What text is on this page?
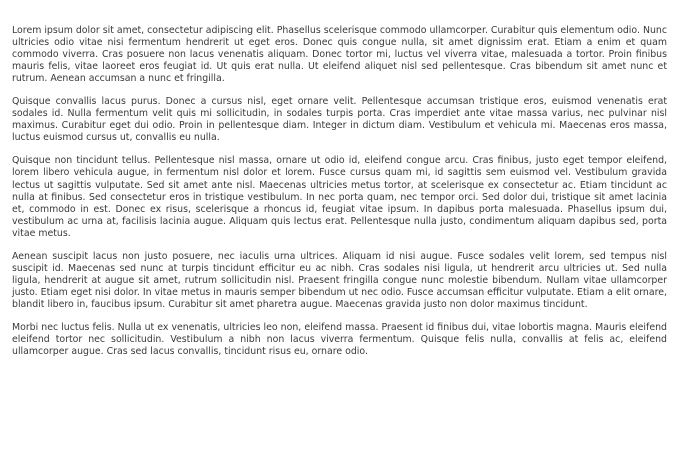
Lorem ipsum dolor sit amet, consectetur adipiscing elit. Phasellus scelerisque commodo ullamcorper. Curabitur quis elementum odio. Nunc ultricies odio vitae nisi fermentum hendrerit ut eget eros. Donec quis congue nulla, sit amet dignissim erat. Etiam a enim et quam commodo viverra. Cras posuere non lacus venenatis aliquam. Donec tortor mi, luctus vel viverra vitae, malesuada a tortor. Proin finibus mauris felis, vitae laoreet eros feugiat id. Ut quis erat nulla. Ut eleifend aliquet nisl sed pellentesque. Cras bibendum sit amet nunc et rutrum. Aenean accumsan a nunc et fringilla.

Quisque convallis lacus purus. Donec a cursus nisl, eget ornare velit. Pellentesque accumsan tristique eros, euismod venenatis erat sodales id. Nulla fermentum velit quis mi sollicitudin, in sodales turpis porta. Cras imperdiet ante vitae massa varius, nec pulvinar nisl maximus. Curabitur eget dui odio. Proin in pellentesque diam. Integer in dictum diam. Vestibulum et vehicula mi. Maecenas eros massa, luctus euismod cursus ut, convallis eu nulla.

Quisque non tincidunt tellus. Pellentesque nisl massa, ornare ut odio id, eleifend congue arcu. Cras finibus, justo eget tempor eleifend, lorem libero vehicula augue, in fermentum nisl dolor et lorem. Fusce cursus quam mi, id sagittis sem euismod vel. Vestibulum gravida lectus ut sagittis vulputate. Sed sit amet ante nisl. Maecenas ultricies metus tortor, at scelerisque ex consectetur ac. Etiam tincidunt ac nulla at finibus. Sed consectetur eros in tristique vestibulum. In nec porta quam, nec tempor orci. Sed dolor dui, tristique sit amet lacinia et, commodo in est. Donec ex risus, scelerisque a rhoncus id, feugiat vitae ipsum. In dapibus porta malesuada. Phasellus ipsum dui, vestibulum ac urna at, facilisis lacinia augue. Aliquam quis lectus erat. Pellentesque nulla justo, condimentum aliquam dapibus sed, porta vitae metus.

Aenean suscipit lacus non justo posuere, nec iaculis urna ultrices. Aliquam id nisi augue. Fusce sodales velit lorem, sed tempus nisl suscipit id. Maecenas sed nunc at turpis tincidunt efficitur eu ac nibh. Cras sodales nisi ligula, ut hendrerit arcu ultricies ut. Sed nulla ligula, hendrerit at augue sit amet, rutrum sollicitudin nisl. Praesent fringilla congue nunc molestie bibendum. Nullam vitae ullamcorper justo. Etiam eget nisi dolor. In vitae metus in mauris semper bibendum ut nec odio. Fusce accumsan efficitur vulputate. Etiam a elit ornare, blandit libero in, faucibus ipsum. Curabitur sit amet pharetra augue. Maecenas gravida justo non dolor maximus tincidunt.

Morbi nec luctus felis. Nulla ut ex venenatis, ultricies leo non, eleifend massa. Praesent id finibus dui, vitae lobortis magna. Mauris eleifend eleifend tortor nec sollicitudin. Vestibulum a nibh non lacus viverra fermentum. Quisque felis nulla, convallis at felis ac, eleifend ullamcorper augue. Cras sed lacus convallis, tincidunt risus eu, ornare odio.
